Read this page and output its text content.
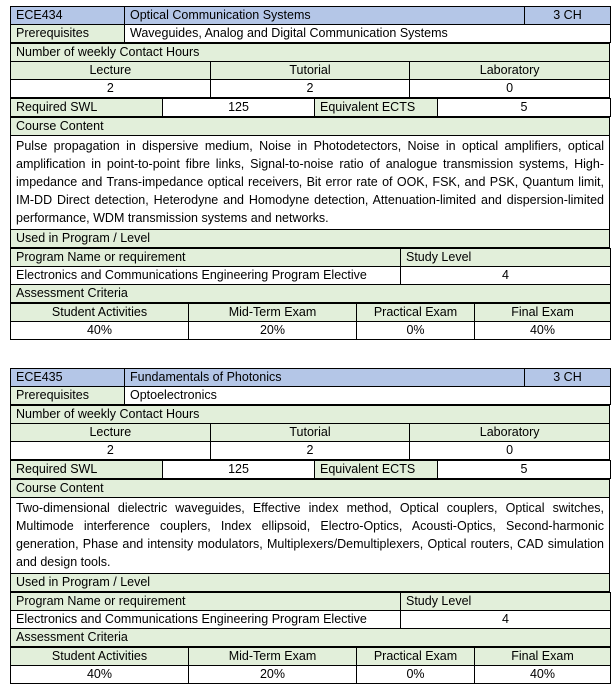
ECE434	Optical Communication Systems	3 CH
Prerequisites	Waveguides, Analog and Digital Communication Systems	
Number of weekly Contact Hours		
Lecture	Tutorial	Laboratory
2	2	0
Required SWL	125	Equivalent ECTS	5
Course Content

Pulse propagation in dispersive medium, Noise in Photodetectors, Noise in optical amplifiers, optical amplification in point-to-point fibre links, Signal-to-noise ratio of analogue transmission systems, High-impedance and Trans-impedance optical receivers, Bit error rate of OOK, FSK, and PSK, Quantum limit, IM-DD Direct detection, Heterodyne and Homodyne detection, Attenuation-limited and dispersion-limited performance, WDM transmission systems and networks.

Used in Program / Level
Program Name or requirement	Study Level
Electronics and Communications Engineering Program Elective	4
Assessment Criteria	
Student Activities	Mid-Term Exam	Practical Exam	Final Exam
40%	20%	0%	40%
ECE435	Fundamentals of Photonics	3 CH
Prerequisites	Optoelectronics	
Number of weekly Contact Hours		
Lecture	Tutorial	Laboratory
2	2	0
Required SWL	125	Equivalent ECTS	5
Course Content

Two-dimensional dielectric waveguides, Effective index method, Optical couplers, Optical switches, Multimode interference couplers, Index ellipsoid, Electro-Optics, Acousti-Optics, Second-harmonic generation, Phase and intensity modulators, Multiplexers/Demultiplexers, Optical routers, CAD simulation and design tools.

Used in Program / Level
Program Name or requirement	Study Level
Electronics and Communications Engineering Program Elective	4
Assessment Criteria	
Student Activities	Mid-Term Exam	Practical Exam	Final Exam
40%	20%	0%	40%
